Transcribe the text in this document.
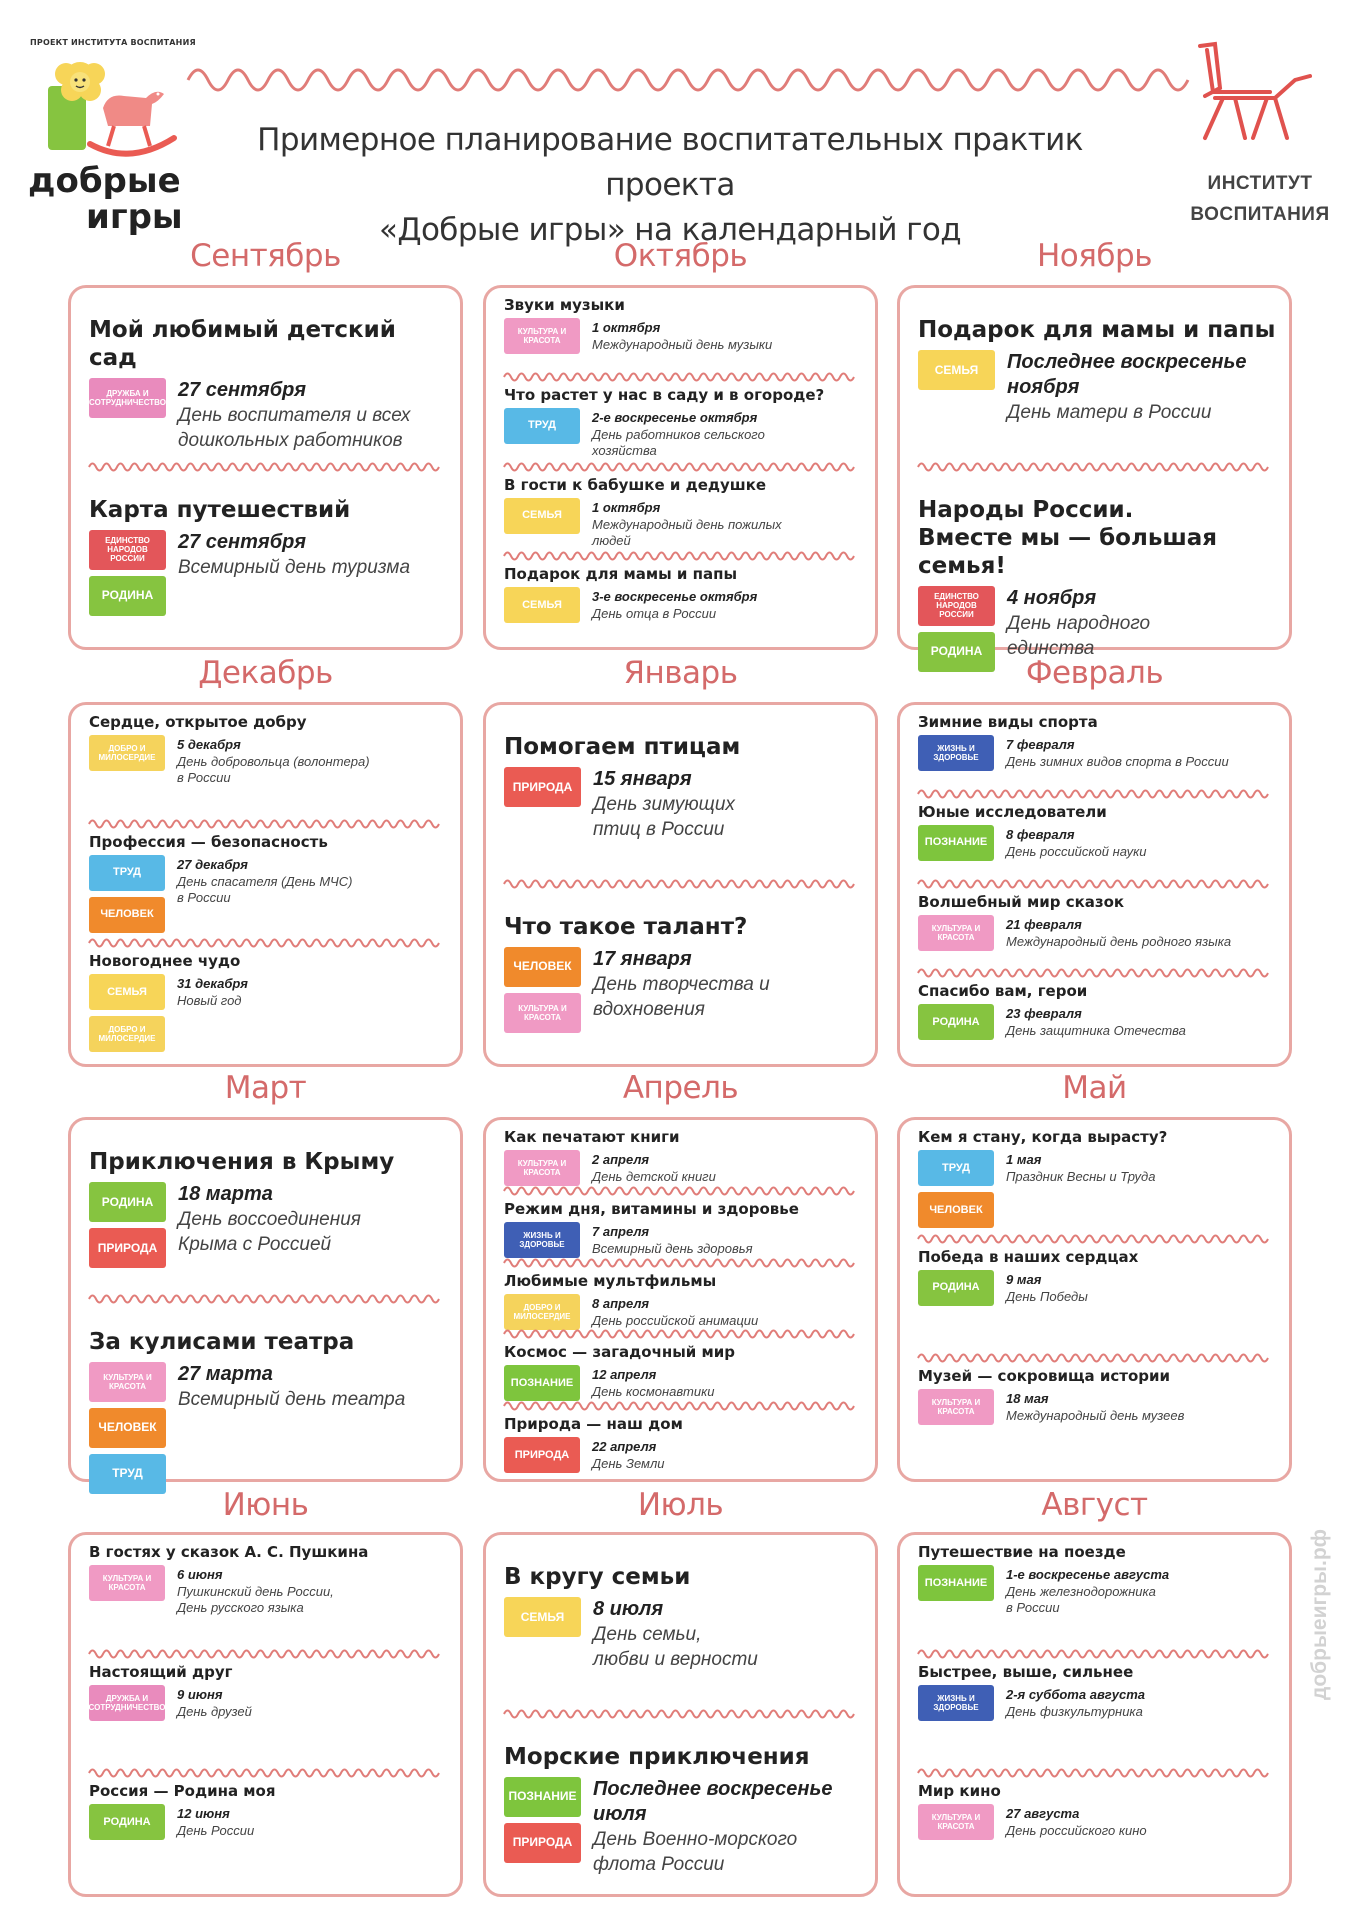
ПРОЕКТ ИНСТИТУТА ВОСПИТАНИЯ
добрые
игры
Примерное планирование воспитательных практик проекта
«Добрые игры» на календарный год
ИНСТИТУТ
ВОСПИТАНИЯ
Сентябрь
Мой любимый детский сад
ДРУЖБА И СОТРУДНИЧЕСТВО
27 сентября
День воспитателя и всех
дошкольных работников
Карта путешествий
ЕДИНСТВО НАРОДОВ РОССИИ
РОДИНА
27 сентября
Всемирный день туризма
Октябрь
Звуки музыки
КУЛЬТУРА И КРАСОТА
1 октября
Международный день музыки
Что растет у нас в саду и в огороде?
ТРУД
2-е воскресенье октября
День работников сельского
хозяйства
В гости к бабушке и дедушке
СЕМЬЯ
1 октября
Международный день пожилых
людей
Подарок для мамы и папы
СЕМЬЯ
3-е воскресенье октября
День отца в России
Ноябрь
Подарок для мамы и папы
СЕМЬЯ	Последнее воскресенье ноября
День матери в России
Народы России.
Вместе мы — большая семья!
ЕДИНСТВО НАРОДОВ РОССИИ
РОДИНА
4 ноября
День народного
единства
Декабрь
Сердце, открытое добру
ДОБРО И МИЛОСЕРДИЕ
5 декабря
День добровольца (волонтера)
в России
Профессия — безопасность
ТРУД
ЧЕЛОВЕК
27 декабря
День спасателя (День МЧС)
в России
Новогоднее чудо
СЕМЬЯ
ДОБРО И МИЛОСЕРДИЕ
31 декабря
Новый год
Январь
Помогаем птицам
ПРИРОДА	15 января
День зимующих
птиц в России
Что такое талант?
ЧЕЛОВЕК
КУЛЬТУРА И КРАСОТА
17 января
День творчества и
вдохновения
Февраль
Зимние виды спорта
ЖИЗНЬ И ЗДОРОВЬЕ
7 февраля
День зимних видов спорта в России
Юные исследователи
ПОЗНАНИЕ
8 февраля
День российской науки
Волшебный мир сказок
КУЛЬТУРА И КРАСОТА
21 февраля
Международный день родного языка
Спасибо вам, герои
РОДИНА
23 февраля
День защитника Отечества
Март
Приключения в Крыму
РОДИНА
ПРИРОДА
18 марта
День воссоединения
Крыма с Россией
За кулисами театра
КУЛЬТУРА И КРАСОТА
ЧЕЛОВЕК
ТРУД
27 марта
Всемирный день театра
Апрель
Как печатают книги
КУЛЬТУРА И КРАСОТА
2 апреля
День детской книги
Режим дня, витамины и здоровье
ЖИЗНЬ И ЗДОРОВЬЕ
7 апреля
Всемирный день здоровья
Любимые мультфильмы
ДОБРО И МИЛОСЕРДИЕ
8 апреля
День российской анимации
Космос — загадочный мир
ПОЗНАНИЕ
12 апреля
День космонавтики
Природа — наш дом
ПРИРОДА
22 апреля
День Земли
Май
Кем я стану, когда вырасту?
ТРУД
ЧЕЛОВЕК
1 мая
Праздник Весны и Труда
Победа в наших сердцах
РОДИНА
9 мая
День Победы
Музей — сокровища истории
КУЛЬТУРА И КРАСОТА
18 мая
Международный день музеев
Июнь
В гостях у сказок А. С. Пушкина
КУЛЬТУРА И КРАСОТА
6 июня
Пушкинский день России,
День русского языка
Настоящий друг
ДРУЖБА И СОТРУДНИЧЕСТВО
9 июня
День друзей
Россия — Родина моя
РОДИНА
12 июня
День России
Июль
В кругу семьи
СЕМЬЯ	8 июля
День семьи,
любви и верности
Морские приключения
ПОЗНАНИЕ
ПРИРОДА
Последнее воскресенье июля
День Военно-морского
флота России
Август
Путешествие на поезде
ПОЗНАНИЕ
1-е воскресенье августа
День железнодорожника
в России
Быстрее, выше, сильнее
ЖИЗНЬ И ЗДОРОВЬЕ
2-я суббота августа
День физкультурника
Мир кино
КУЛЬТУРА И КРАСОТА
27 августа
День российского кино
добрыеигры.рф
